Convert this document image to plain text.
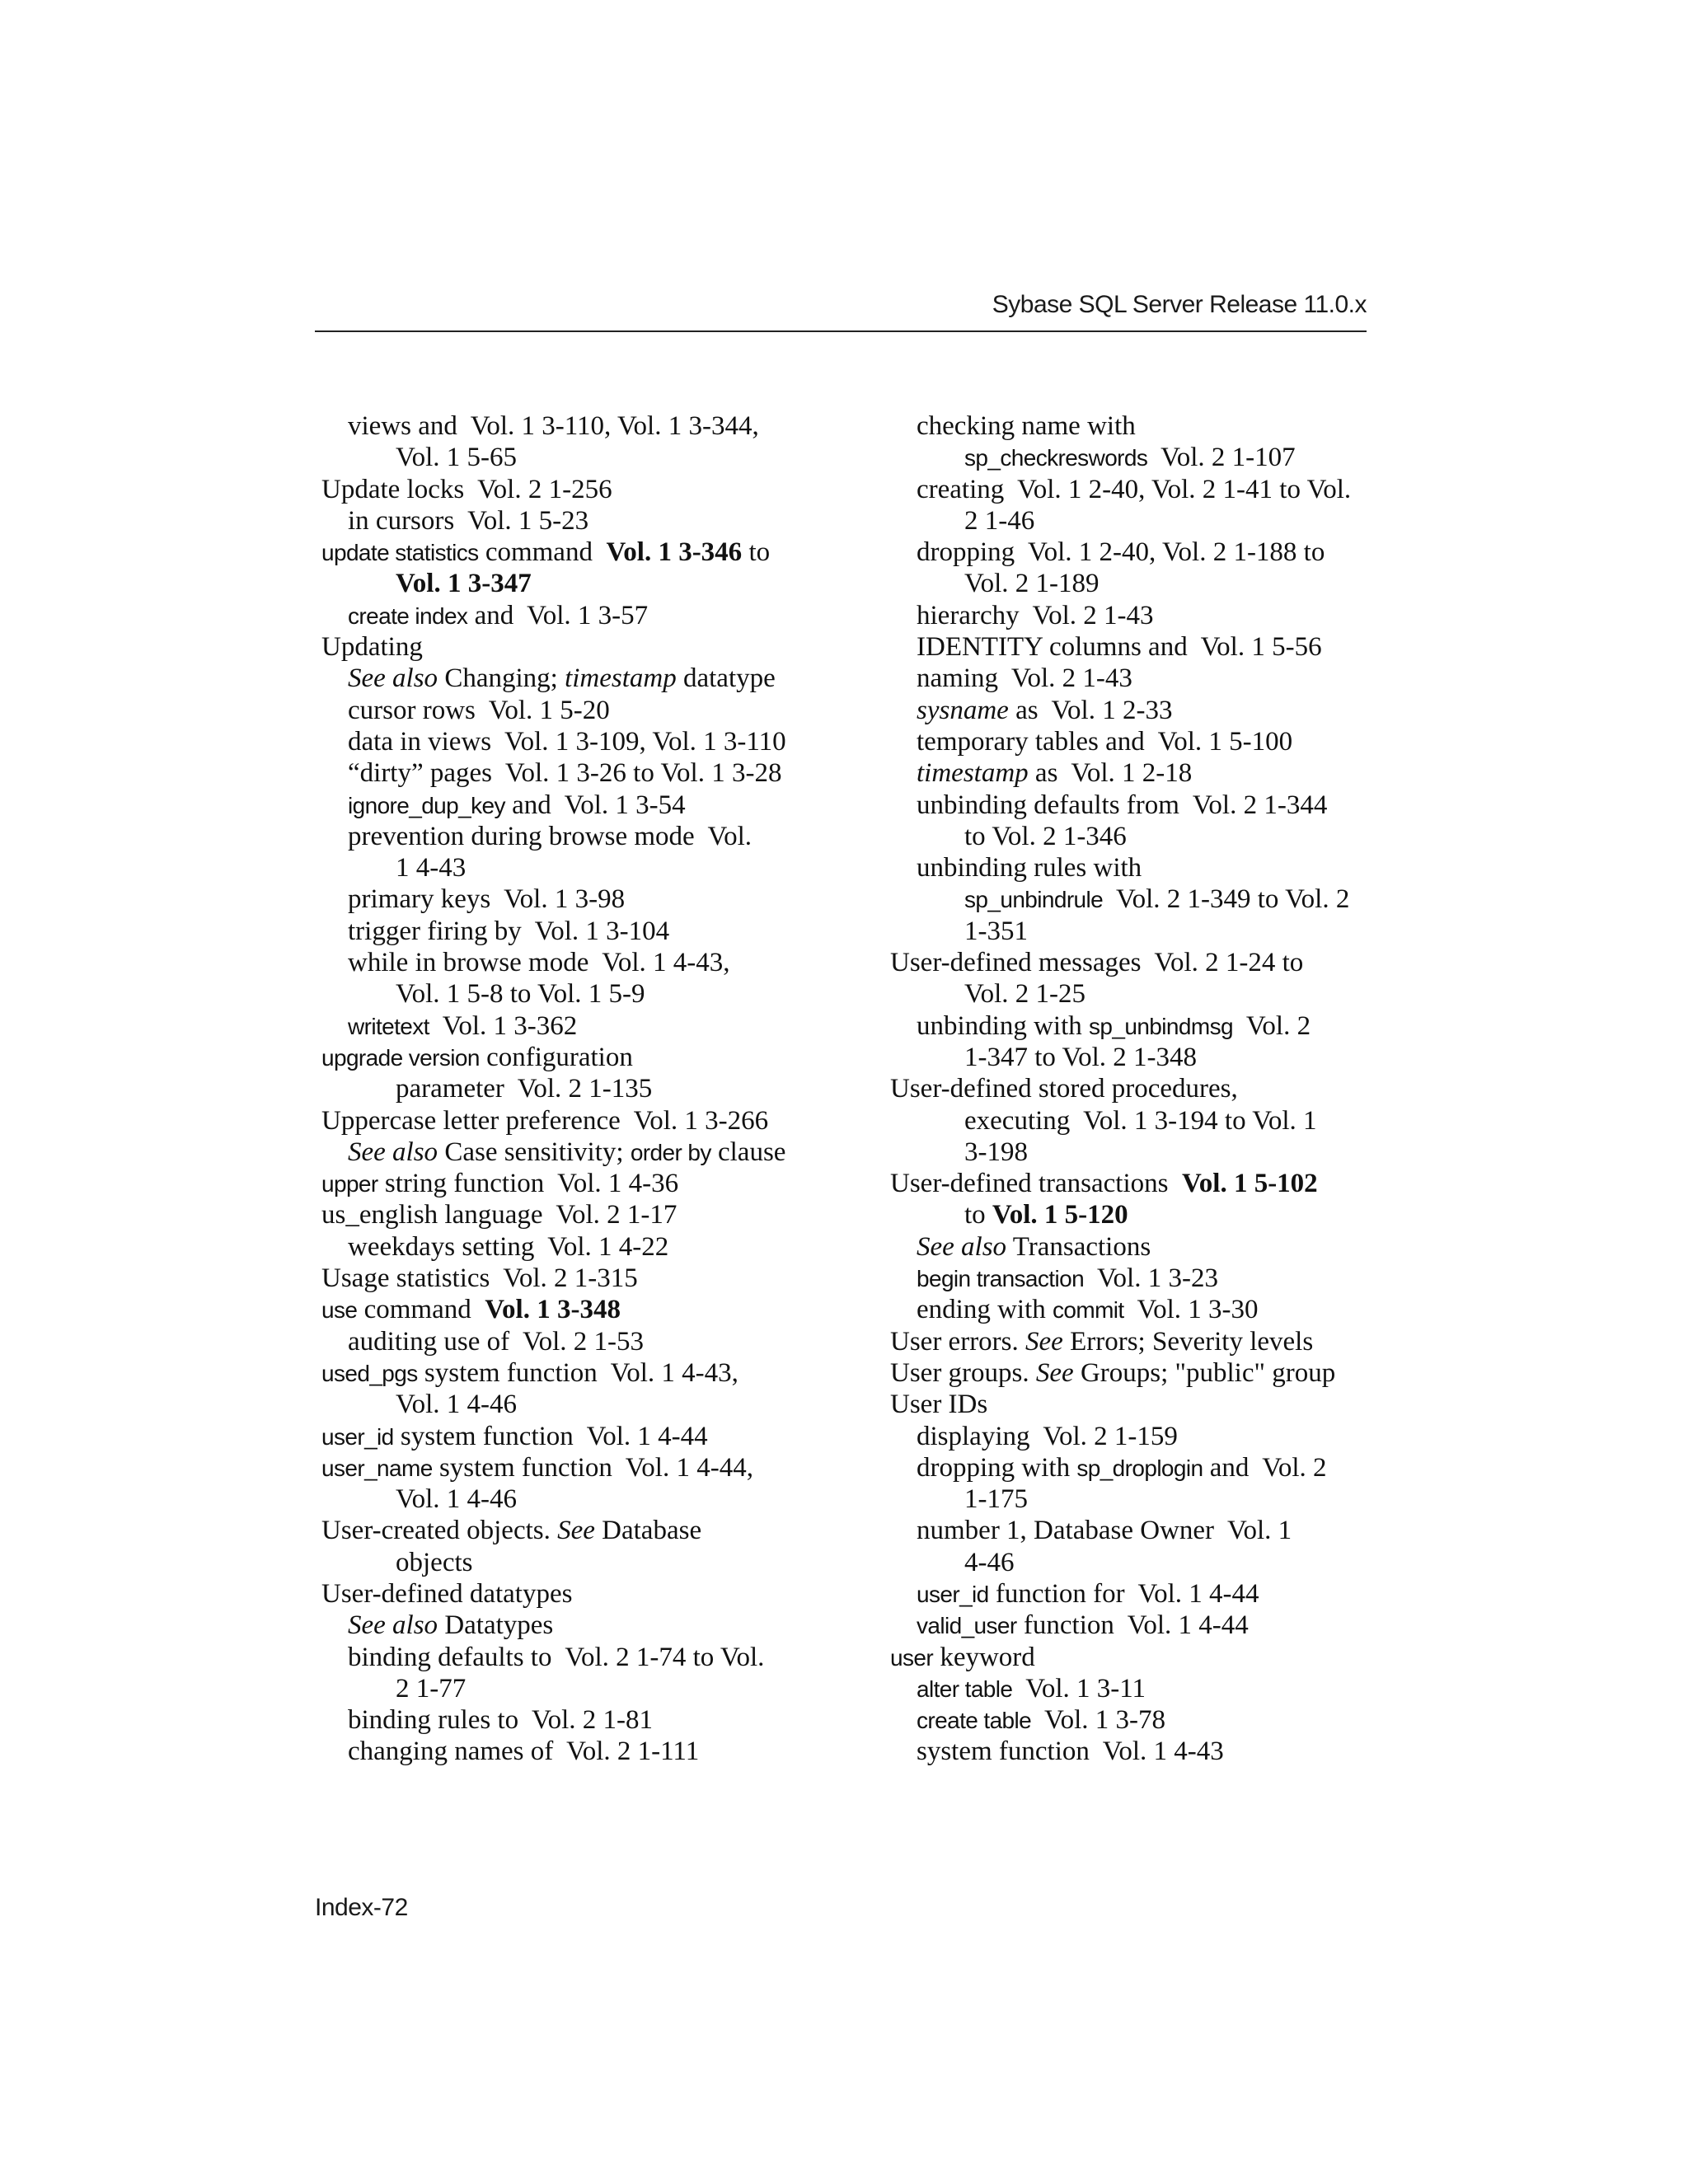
Sybase SQL Server Release 11.0.x
views and  Vol. 1 3-110, Vol. 1 3-344,
Vol. 1 5-65
Update locks  Vol. 2 1-256
in cursors  Vol. 1 5-23
update statistics command  Vol. 1 3-346 to
Vol. 1 3-347
create index and  Vol. 1 3-57
Updating
See also Changing; timestamp datatype
cursor rows  Vol. 1 5-20
data in views  Vol. 1 3-109, Vol. 1 3-110
“dirty” pages  Vol. 1 3-26 to Vol. 1 3-28
ignore_dup_key and  Vol. 1 3-54
prevention during browse mode  Vol.
1 4-43
primary keys  Vol. 1 3-98
trigger firing by  Vol. 1 3-104
while in browse mode  Vol. 1 4-43,
Vol. 1 5-8 to Vol. 1 5-9
writetext  Vol. 1 3-362
upgrade version configuration
parameter  Vol. 2 1-135
Uppercase letter preference  Vol. 1 3-266
See also Case sensitivity; order by clause
upper string function  Vol. 1 4-36
us_english language  Vol. 2 1-17
weekdays setting  Vol. 1 4-22
Usage statistics  Vol. 2 1-315
use command  Vol. 1 3-348
auditing use of  Vol. 2 1-53
used_pgs system function  Vol. 1 4-43,
Vol. 1 4-46
user_id system function  Vol. 1 4-44
user_name system function  Vol. 1 4-44,
Vol. 1 4-46
User-created objects. See Database
objects
User-defined datatypes
See also Datatypes
binding defaults to  Vol. 2 1-74 to Vol.
2 1-77
binding rules to  Vol. 2 1-81
changing names of  Vol. 2 1-111
checking name with
sp_checkreswords  Vol. 2 1-107
creating  Vol. 1 2-40, Vol. 2 1-41 to Vol.
2 1-46
dropping  Vol. 1 2-40, Vol. 2 1-188 to
Vol. 2 1-189
hierarchy  Vol. 2 1-43
IDENTITY columns and  Vol. 1 5-56
naming  Vol. 2 1-43
sysname as  Vol. 1 2-33
temporary tables and  Vol. 1 5-100
timestamp as  Vol. 1 2-18
unbinding defaults from  Vol. 2 1-344
to Vol. 2 1-346
unbinding rules with
sp_unbindrule  Vol. 2 1-349 to Vol. 2
1-351
User-defined messages  Vol. 2 1-24 to
Vol. 2 1-25
unbinding with sp_unbindmsg  Vol. 2
1-347 to Vol. 2 1-348
User-defined stored procedures,
executing  Vol. 1 3-194 to Vol. 1
3-198
User-defined transactions  Vol. 1 5-102
to Vol. 1 5-120
See also Transactions
begin transaction  Vol. 1 3-23
ending with commit  Vol. 1 3-30
User errors. See Errors; Severity levels
User groups. See Groups; "public" group
User IDs
displaying  Vol. 2 1-159
dropping with sp_droplogin and  Vol. 2
1-175
number 1, Database Owner  Vol. 1
4-46
user_id function for  Vol. 1 4-44
valid_user function  Vol. 1 4-44
user keyword
alter table  Vol. 1 3-11
create table  Vol. 1 3-78
system function  Vol. 1 4-43
Index-72
